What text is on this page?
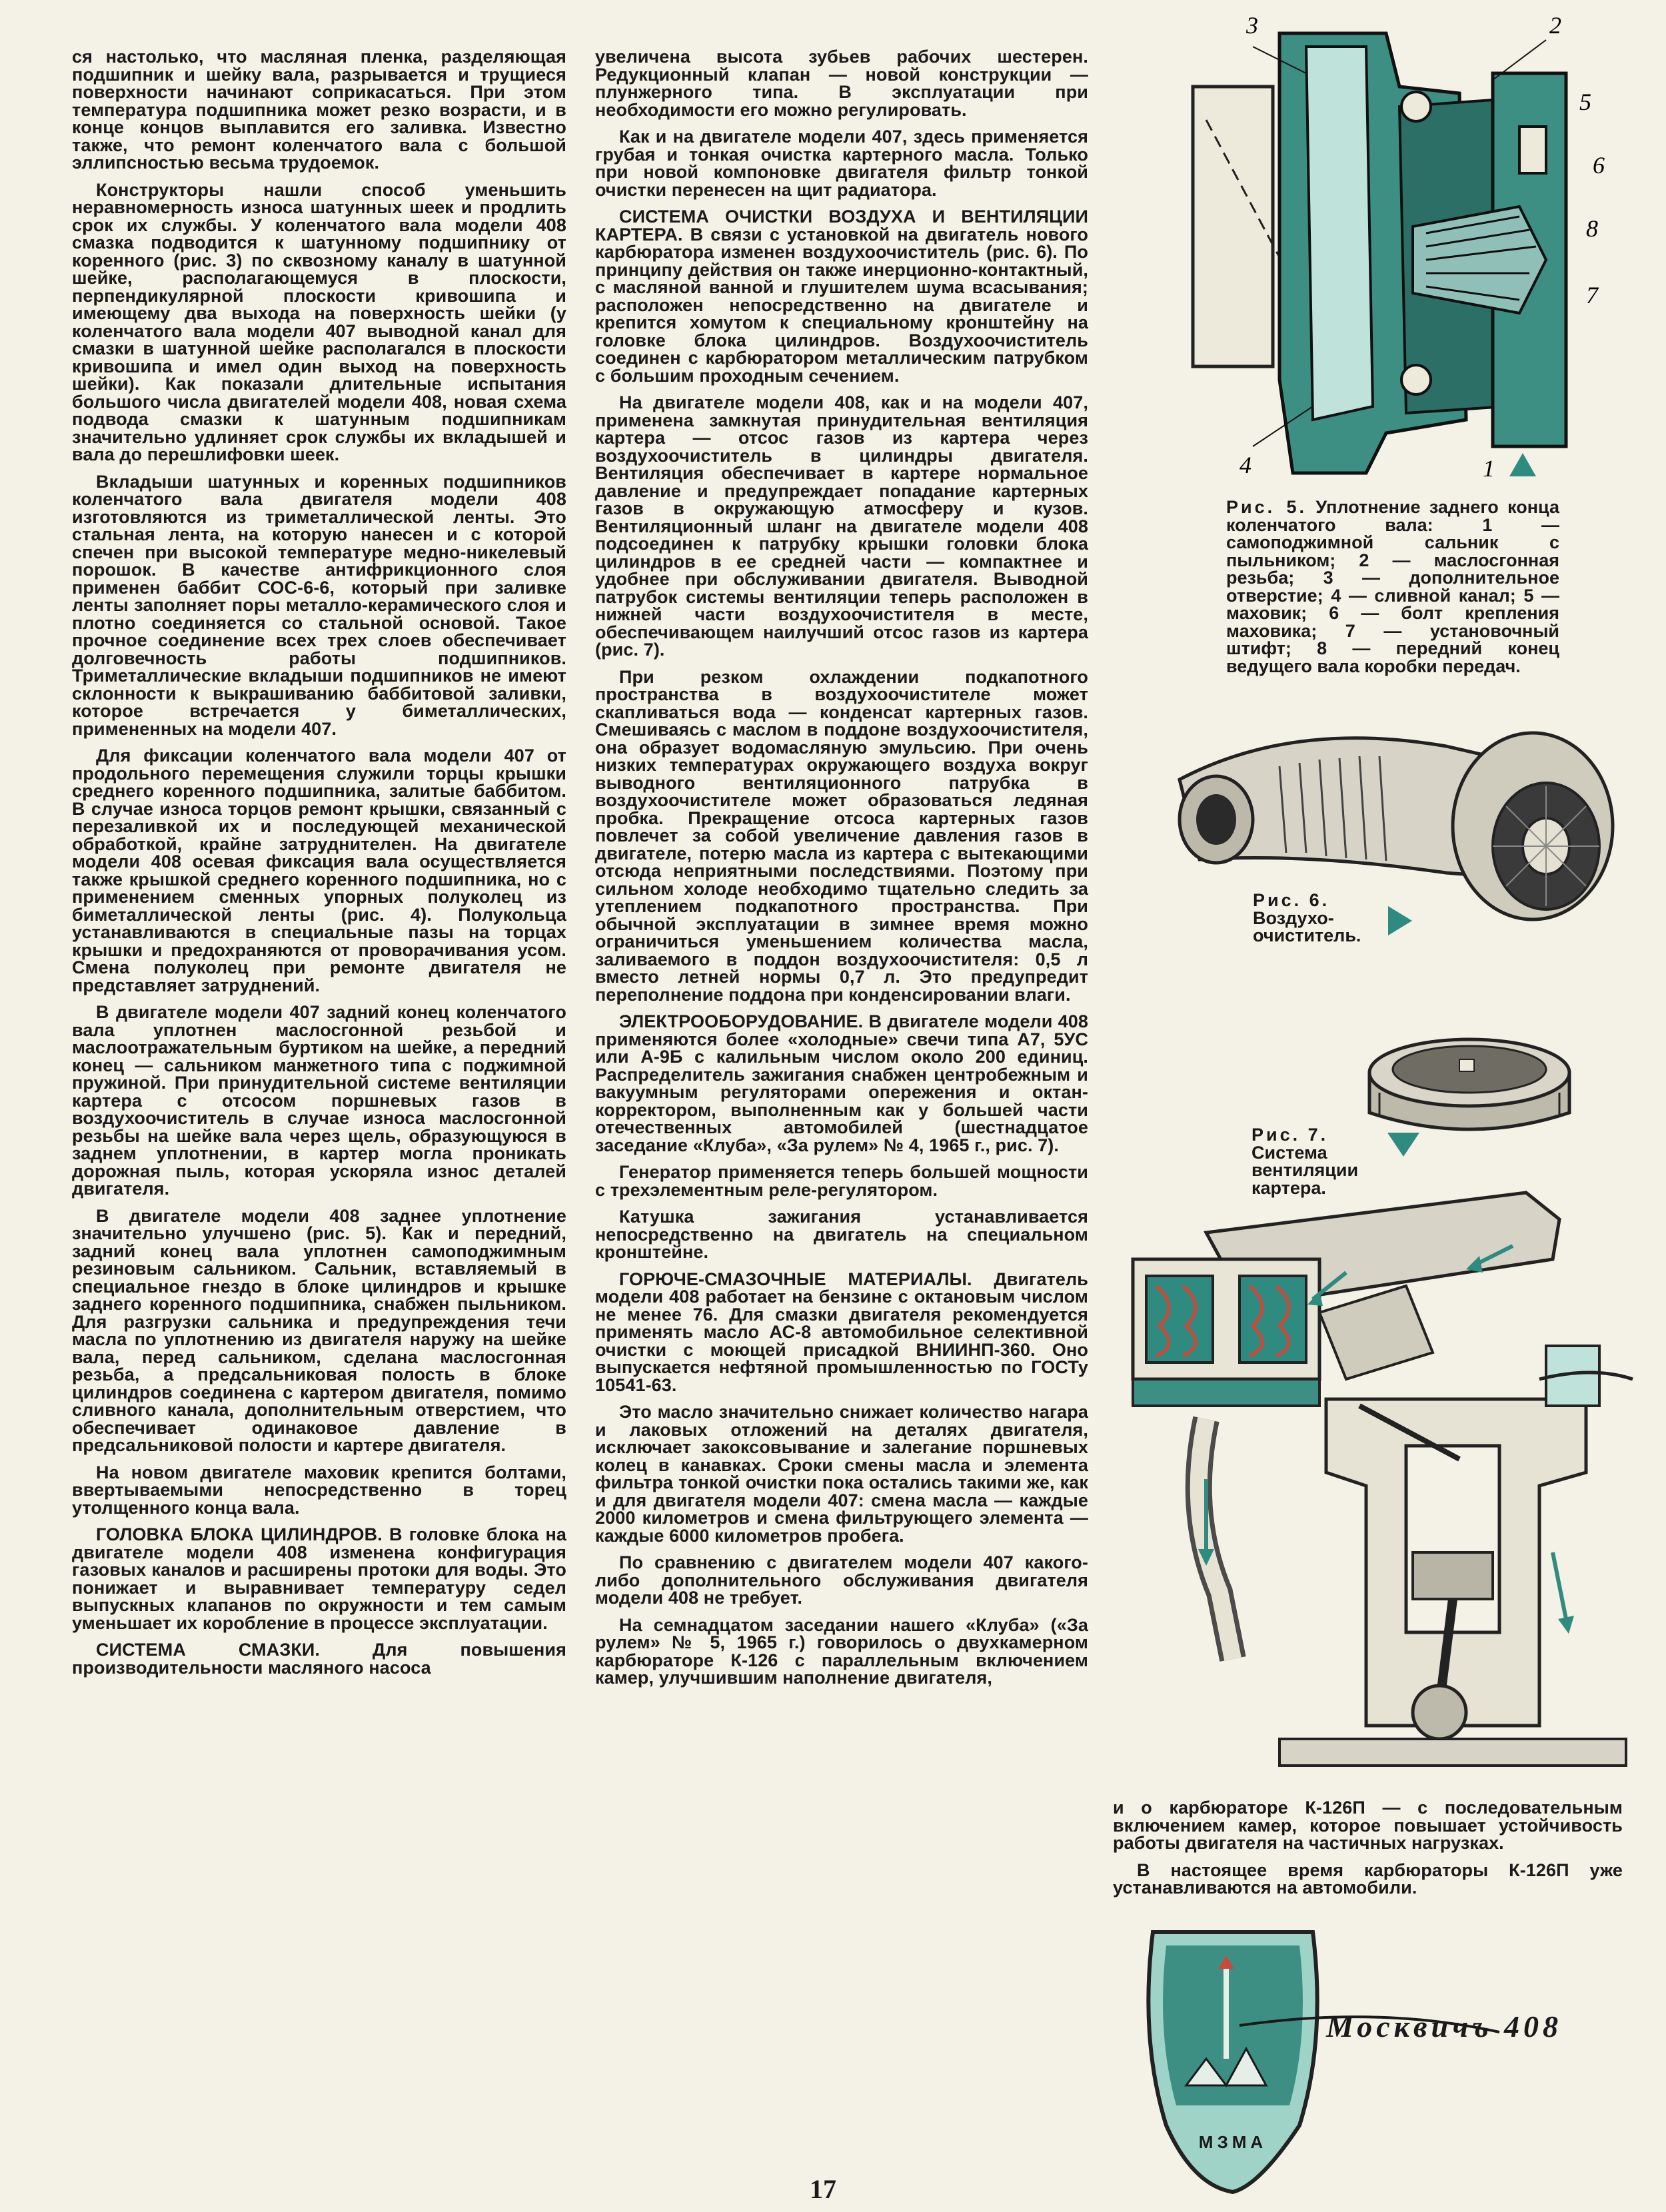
ся настолько, что масляная пленка, разделяющая подшипник и шейку вала, разрывается и трущиеся поверхности начинают соприкасаться. При этом температура подшипника может резко возрасти, и в конце концов выплавится его заливка. Известно также, что ремонт коленчатого вала с большой эллипсностью весьма трудоемок.

Конструкторы нашли способ уменьшить неравномерность износа шатунных шеек и продлить срок их службы. У коленчатого вала модели 408 смазка подводится к шатунному подшипнику от коренного (рис. 3) по сквозному каналу в шатунной шейке, располагающемуся в плоскости, перпендикулярной плоскости кривошипа и имеющему два выхода на поверхность шейки (у коленчатого вала модели 407 выводной канал для смазки в шатунной шейке располагался в плоскости кривошипа и имел один выход на поверхность шейки). Как показали длительные испытания большого числа двигателей модели 408, новая схема подвода смазки к шатунным подшипникам значительно удлиняет срок службы их вкладышей и вала до перешлифовки шеек.

Вкладыши шатунных и коренных подшипников коленчатого вала двигателя модели 408 изготовляются из триметаллической ленты. Это стальная лента, на которую нанесен и с которой спечен при высокой температуре медно-никелевый порошок. В качестве антифрикционного слоя применен баббит СОС-6-6, который при заливке ленты заполняет поры металло-керамического слоя и плотно соединяется со стальной основой. Такое прочное соединение всех трех слоев обеспечивает долговечность работы подшипников. Триметаллические вкладыши подшипников не имеют склонности к выкрашиванию баббитовой заливки, которое встречается у биметаллических, примененных на модели 407.

Для фиксации коленчатого вала модели 407 от продольного перемещения служили торцы крышки среднего коренного подшипника, залитые баббитом. В случае износа торцов ремонт крышки, связанный с перезаливкой их и последующей механической обработкой, крайне затруднителен. На двигателе модели 408 осевая фиксация вала осуществляется также крышкой среднего коренного подшипника, но с применением сменных упорных полуколец из биметаллической ленты (рис. 4). Полукольца устанавливаются в специальные пазы на торцах крышки и предохраняются от проворачивания усом. Смена полуколец при ремонте двигателя не представляет затруднений.

В двигателе модели 407 задний конец коленчатого вала уплотнен маслосгонной резьбой и маслоотражательным буртиком на шейке, а передний конец — сальником манжетного типа с поджимной пружиной. При принудительной системе вентиляции картера с отсосом поршневых газов в воздухоочиститель в случае износа маслосгонной резьбы на шейке вала через щель, образующуюся в заднем уплотнении, в картер могла проникать дорожная пыль, которая ускоряла износ деталей двигателя.

В двигателе модели 408 заднее уплотнение значительно улучшено (рис. 5). Как и передний, задний конец вала уплотнен самоподжимным резиновым сальником. Сальник, вставляемый в специальное гнездо в блоке цилиндров и крышке заднего коренного подшипника, снабжен пыльником. Для разгрузки сальника и предупреждения течи масла по уплотнению из двигателя наружу на шейке вала, перед сальником, сделана маслосгонная резьба, а предсальниковая полость в блоке цилиндров соединена с картером двигателя, помимо сливного канала, дополнительным отверстием, что обеспечивает одинаковое давление в предсальниковой полости и картере двигателя.

На новом двигателе маховик крепится болтами, ввертываемыми непосредственно в торец утолщенного конца вала.

ГОЛОВКА БЛОКА ЦИЛИНДРОВ. В головке блока на двигателе модели 408 изменена конфигурация газовых каналов и расширены протоки для воды. Это понижает и выравнивает температуру седел выпускных клапанов по окружности и тем самым уменьшает их коробление в процессе эксплуатации.

СИСТЕМА СМАЗКИ.	Для повышения производительности масляного насоса

увеличена высота зубьев рабочих шестерен. Редукционный клапан — новой конструкции — плунжерного типа. В эксплуатации при необходимости его можно регулировать.

Как и на двигателе модели 407, здесь применяется грубая и тонкая очистка картерного масла. Только при новой компоновке двигателя фильтр тонкой очистки перенесен на щит радиатора.

СИСТЕМА ОЧИСТКИ ВОЗДУХА И ВЕНТИЛЯЦИИ КАРТЕРА. В связи с установкой на двигатель нового карбюратора изменен воздухоочиститель (рис. 6). По принципу действия он также инерционно-контактный, с масляной ванной и глушителем шума всасывания; расположен непосредственно на двигателе и крепится хомутом к специальному кронштейну на головке блока цилиндров. Воздухоочиститель соединен с карбюратором металлическим патрубком с большим проходным сечением.

На двигателе модели 408, как и на модели 407, применена замкнутая принудительная вентиляция картера — отсос газов из картера через воздухоочиститель в цилиндры двигателя. Вентиляция обеспечивает в картере нормальное давление и предупреждает попадание картерных газов в окружающую атмосферу и кузов. Вентиляционный шланг на двигателе модели 408 подсоединен к патрубку крышки головки блока цилиндров в ее средней части — компактнее и удобнее при обслуживании двигателя. Выводной патрубок системы вентиляции теперь расположен в нижней части воздухоочистителя в месте, обеспечивающем наилучший отсос газов из картера (рис. 7).

При резком охлаждении подкапотного пространства в воздухоочистителе может скапливаться вода — конденсат картерных газов. Смешиваясь с маслом в поддоне воздухоочистителя, она образует водомасляную эмульсию. При очень низких температурах окружающего воздуха вокруг выводного вентиляционного патрубка в воздухоочистителе может образоваться ледяная пробка. Прекращение отсоса картерных газов повлечет за собой увеличение давления газов в двигателе, потерю масла из картера с вытекающими отсюда неприятными последствиями. Поэтому при сильном холоде необходимо тщательно следить за утеплением подкапотного пространства. При обычной эксплуатации в зимнее время можно ограничиться уменьшением количества масла, заливаемого в поддон воздухоочистителя: 0,5 л вместо летней нормы 0,7 л. Это предупредит переполнение поддона при конденсировании влаги.

ЭЛЕКТРООБОРУДОВАНИЕ. В двигателе модели 408 применяются более «холодные» свечи типа А7, 5УС или А-9Б с калильным числом около 200 единиц. Распределитель зажигания снабжен центробежным и вакуумным регуляторами опережения и октан-корректором, выполненным как у большей части отечественных автомобилей (шестнадцатое заседание «Клуба», «За рулем» № 4, 1965 г., рис. 7).

Генератор применяется теперь большей мощности с трехэлементным реле-регулятором.

Катушка зажигания устанавливается непосредственно на двигатель на специальном кронштейне.

ГОРЮЧЕ-СМАЗОЧНЫЕ МАТЕРИАЛЫ. Двигатель модели 408 работает на бензине с октановым числом не менее 76. Для смазки двигателя рекомендуется применять масло АС-8 автомобильное селективной очистки с моющей присадкой ВНИИНП-360. Оно выпускается нефтяной промышленностью по ГОСТу 10541-63.

Это масло значительно снижает количество нагара и лаковых отложений на деталях двигателя, исключает закоксовывание и залегание поршневых колец в канавках. Сроки смены масла и элемента фильтра тонкой очистки пока остались такими же, как и для двигателя модели 407: смена масла — каждые 2000 километров и смена фильтрующего элемента — каждые 6000 километров пробега.

По сравнению с двигателем модели 407 какого-либо дополнительного обслуживания двигателя модели 408 не требует.

На семнадцатом заседании нашего «Клуба» («За рулем» № 5, 1965 г.) говорилось о двухкамерном карбюраторе К-126 с параллельным включением камер, улучшившим наполнение двигателя,

и о карбюраторе К-126П — с последовательным включением камер, которое повышает устойчивость работы двигателя на частичных нагрузках.

В настоящее время карбюраторы К-126П уже устанавливаются на автомобили.

3	2
5
6
8
7
4	1
Рис. 5. Уплотнение заднего конца коленчатого вала: 1 — самоподжимной сальник с пыльником; 2 — маслосгонная резьба; 3 — дополнительное отверстие; 4 — сливной канал; 5 — маховик; 6 — болт крепления маховика; 7 — установочный штифт; 8 — передний конец ведущего вала коробки передач.
Рис. 6.
Воздухо-очиститель.
Рис. 7.
Система вентиляции картера.
Москвичъ 408
МЗМА
17
